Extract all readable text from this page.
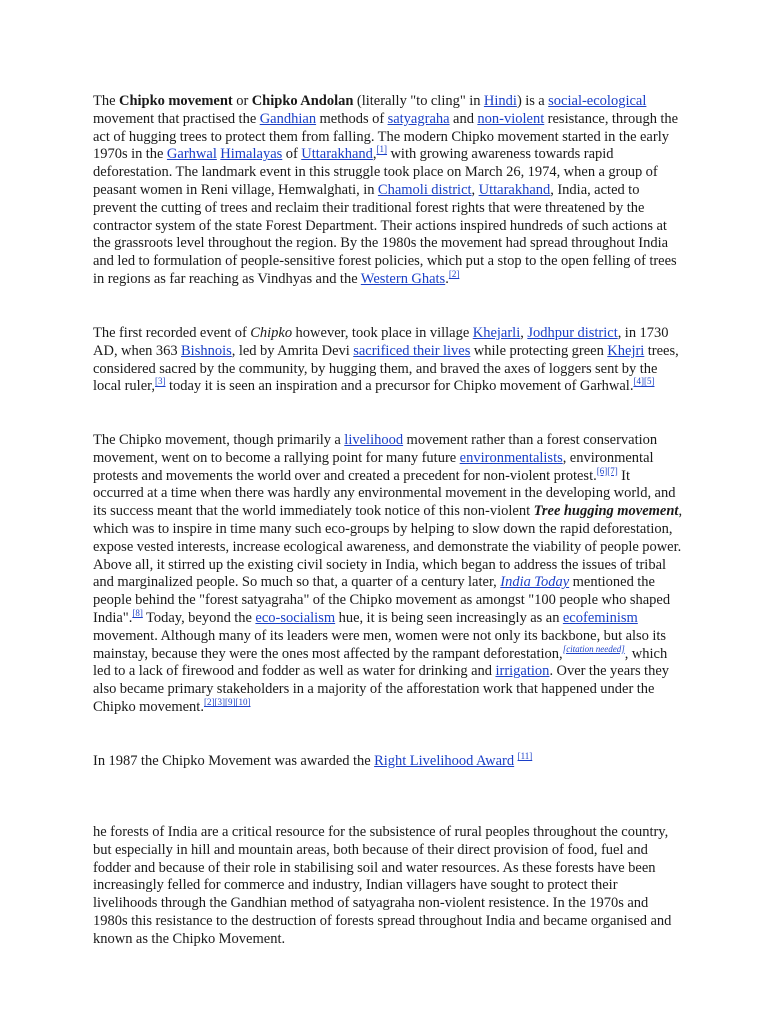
The Chipko movement or Chipko Andolan (literally "to cling" in Hindi) is a social-ecological movement that practised the Gandhian methods of satyagraha and non-violent resistance, through the act of hugging trees to protect them from falling. The modern Chipko movement started in the early 1970s in the Garhwal Himalayas of Uttarakhand,[1] with growing awareness towards rapid deforestation. The landmark event in this struggle took place on March 26, 1974, when a group of peasant women in Reni village, Hemwalghati, in Chamoli district, Uttarakhand, India, acted to prevent the cutting of trees and reclaim their traditional forest rights that were threatened by the contractor system of the state Forest Department. Their actions inspired hundreds of such actions at the grassroots level throughout the region. By the 1980s the movement had spread throughout India and led to formulation of people-sensitive forest policies, which put a stop to the open felling of trees in regions as far reaching as Vindhyas and the Western Ghats.[2]

The first recorded event of Chipko however, took place in village Khejarli, Jodhpur district, in 1730 AD, when 363 Bishnois, led by Amrita Devi sacrificed their lives while protecting green Khejri trees, considered sacred by the community, by hugging them, and braved the axes of loggers sent by the local ruler,[3] today it is seen an inspiration and a precursor for Chipko movement of Garhwal.[4][5]

The Chipko movement, though primarily a livelihood movement rather than a forest conservation movement, went on to become a rallying point for many future environmentalists, environmental protests and movements the world over and created a precedent for non-violent protest.[6][7] It occurred at a time when there was hardly any environmental movement in the developing world, and its success meant that the world immediately took notice of this non-violent Tree hugging movement, which was to inspire in time many such eco-groups by helping to slow down the rapid deforestation, expose vested interests, increase ecological awareness, and demonstrate the viability of people power. Above all, it stirred up the existing civil society in India, which began to address the issues of tribal and marginalized people. So much so that, a quarter of a century later, India Today mentioned the people behind the "forest satyagraha" of the Chipko movement as amongst "100 people who shaped India".[8] Today, beyond the eco-socialism hue, it is being seen increasingly as an ecofeminism movement. Although many of its leaders were men, women were not only its backbone, but also its mainstay, because they were the ones most affected by the rampant deforestation,[citation needed], which led to a lack of firewood and fodder as well as water for drinking and irrigation. Over the years they also became primary stakeholders in a majority of the afforestation work that happened under the Chipko movement.[2][3][9][10]

In 1987 the Chipko Movement was awarded the Right Livelihood Award [11]

he forests of India are a critical resource for the subsistence of rural peoples throughout the country, but especially in hill and mountain areas, both because of their direct provision of food, fuel and fodder and because of their role in stabilising soil and water resources. As these forests have been increasingly felled for commerce and industry, Indian villagers have sought to protect their livelihoods through the Gandhian method of satyagraha non-violent resistence. In the 1970s and 1980s this resistance to the destruction of forests spread throughout India and became organised and known as the Chipko Movement.
